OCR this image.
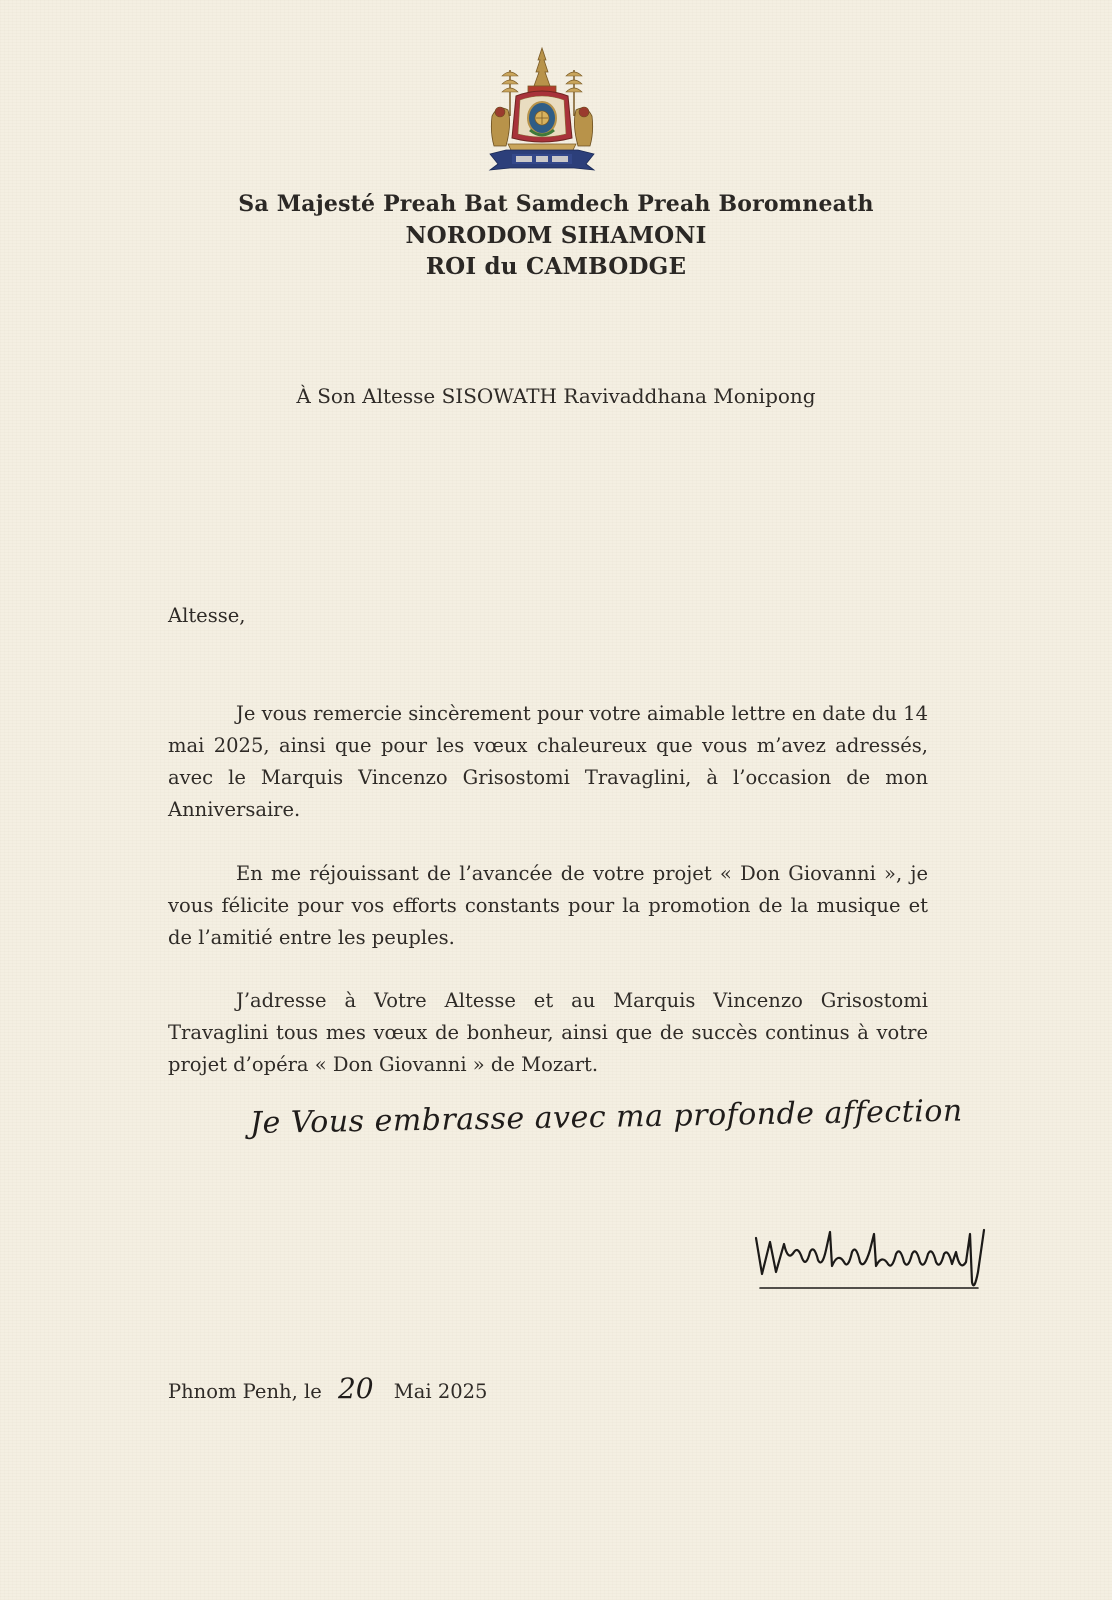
Sa Majesté Preah Bat Samdech Preah Boromneath
NORODOM SIHAMONI
ROI du CAMBODGE
À Son Altesse SISOWATH Ravivaddhana Monipong
Altesse,
Je vous remercie sincèrement pour votre aimable lettre en date du 14 mai 2025, ainsi que pour les vœux chaleureux que vous m’avez adressés, avec le Marquis Vincenzo Grisostomi Travaglini, à l’occasion de mon Anniversaire.
En me réjouissant de l’avancée de votre projet « Don Giovanni », je vous félicite pour vos efforts constants pour la promotion de la musique et de l’amitié entre les peuples.
J’adresse à Votre Altesse et au Marquis Vincenzo Grisostomi Travaglini tous mes vœux de bonheur, ainsi que de succès continus à votre projet d’opéra « Don Giovanni » de Mozart.
Je Vous embrasse avec ma profonde affection
Phnom Penh, le 20 Mai 2025
